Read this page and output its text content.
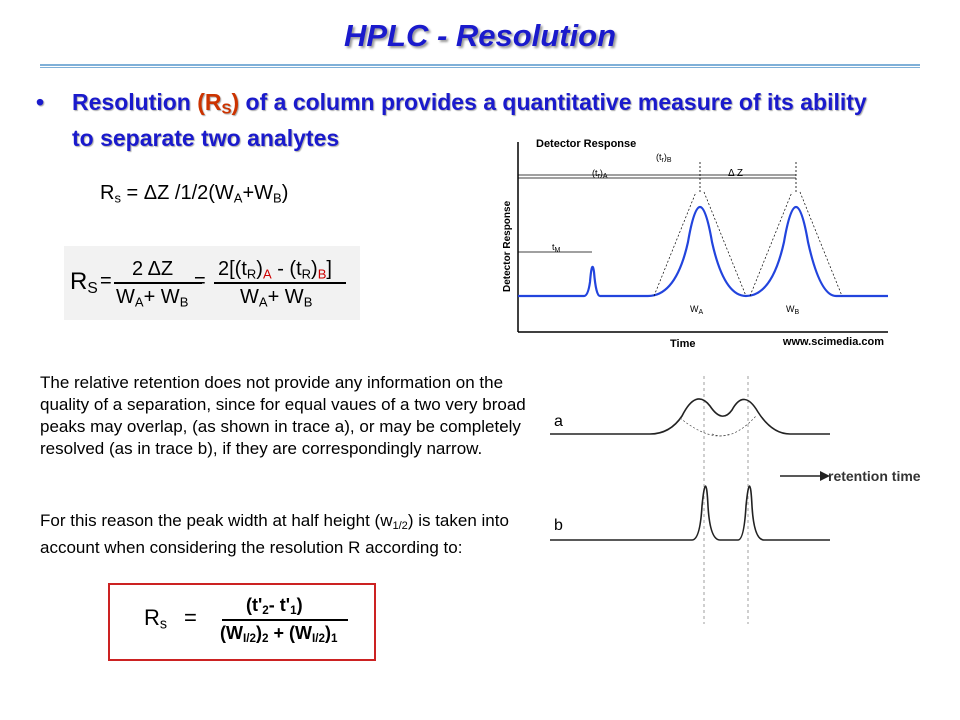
HPLC - Resolution
• Resolution $(R_S)$ of a column provides a quantitative measure of its ability to separate two analytes
$R_s = \Delta Z$ $/1/2(W_A+W_B)$
$R_S$ =
2 ΔZ
$W_A+ W_B$
=
$2[(t_R)_A - (t_R)_B]$
$W_A+ W_B$
Detector Response
Detector Response
$(t_r)_B$
$(t_r)_A$	Δ Z
$t_M$
$W_A$	$W_B$
Time	www.scimedia.com
The relative retention does not provide any information on the quality of a separation, since for equal vaues of a two very broad peaks may overlap, (as shown in trace a), or may be completely resolved (as in trace b), if they are correspondingly narrow.
For this reason the peak width at half height $(w_{1/2})$ is taken into account when considering the resolution R according to:
a
retention time
b
$R_s$ =	($t'_2-$ $t'_1$)
$(W_{I/2})_2 + (W_{I/2})_1$
